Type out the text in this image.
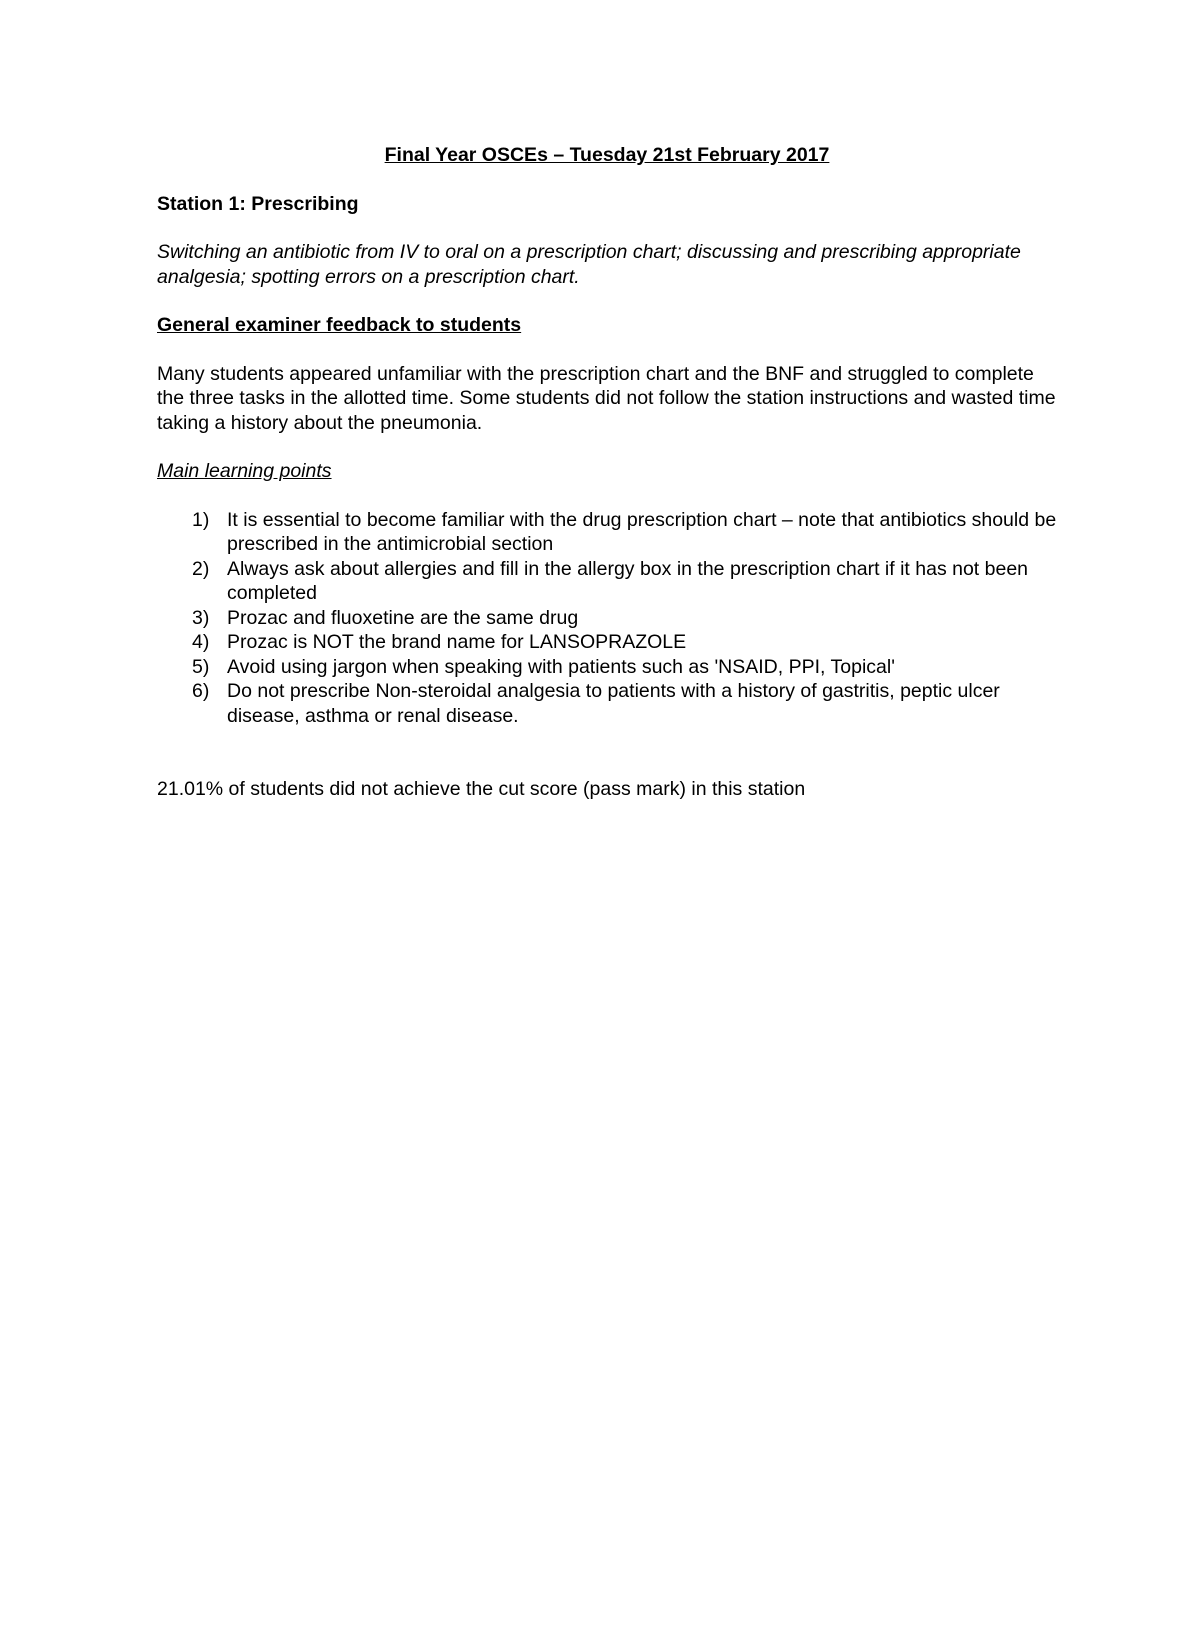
Final Year OSCEs – Tuesday 21st February 2017

Station 1: Prescribing

Switching an antibiotic from IV to oral on a prescription chart; discussing and prescribing appropriate analgesia; spotting errors on a prescription chart.

General examiner feedback to students

Many students appeared unfamiliar with the prescription chart and the BNF and struggled to complete the three tasks in the allotted time. Some students did not follow the station instructions and wasted time taking a history about the pneumonia.

Main learning points

1) It is essential to become familiar with the drug prescription chart – note that antibiotics should be prescribed in the antimicrobial section
2) Always ask about allergies and fill in the allergy box in the prescription chart if it has not been completed
3) Prozac and fluoxetine are the same drug
4) Prozac is NOT the brand name for LANSOPRAZOLE
5) Avoid using jargon when speaking with patients such as 'NSAID, PPI, Topical'
6) Do not prescribe Non-steroidal analgesia to patients with a history of gastritis, peptic ulcer disease, asthma or renal disease.

21.01% of students did not achieve the cut score (pass mark) in this station
